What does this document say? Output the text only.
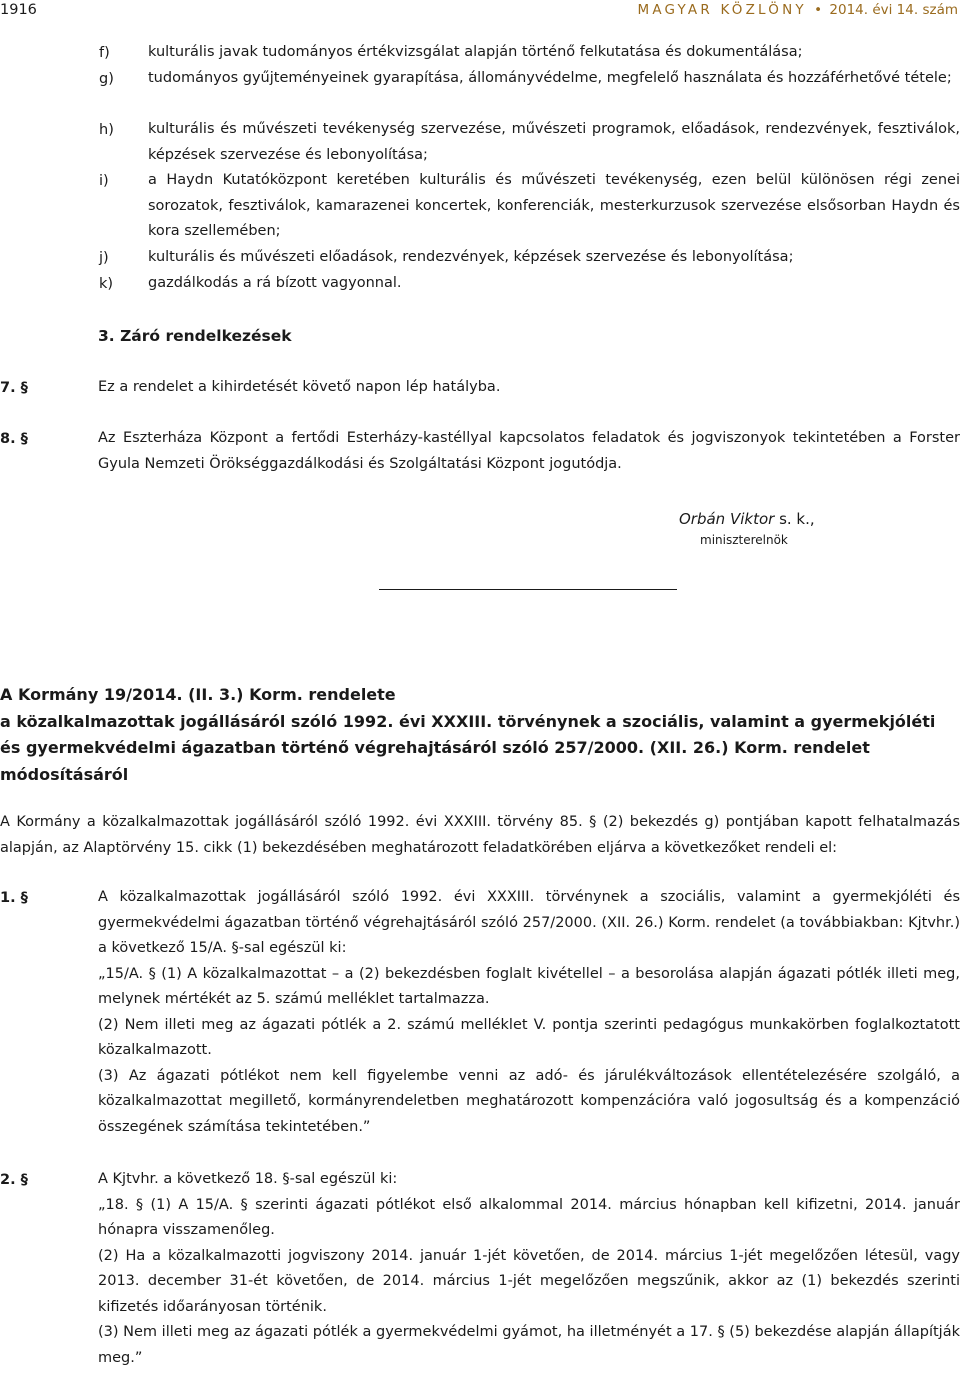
1916	MAGYAR KÖZLÖNY • 2014. évi 14. szám
f)	kulturális javak tudományos értékvizsgálat alapján történő felkutatása és dokumentálása;

g) tudományos gyűjteményeinek gyarapítása, állományvédelme, megfelelő használata és hozzáférhetővé tétele;

h) kulturális és művészeti tevékenység szervezése, művészeti programok, előadások, rendezvények, fesztiválok, képzések szervezése és lebonyolítása;

i)	a Haydn Kutatóközpont keretében kulturális és művészeti tevékenység, ezen belül különösen régi zenei sorozatok, fesztiválok, kamarazenei koncertek, konferenciák, mesterkurzusok szervezése elsősorban Haydn és kora szellemében;

j)	kulturális és művészeti előadások, rendezvények, képzések szervezése és lebonyolítása;

k) gazdálkodás a rá bízott vagyonnal.

3. Záró rendelkezések
7. §	Ez a rendelet a kihirdetését követő napon lép hatályba.

8. §	Az Eszterháza Központ a fertődi Esterházy-kastéllyal kapcsolatos feladatok és jogviszonyok tekintetében a Forster Gyula Nemzeti Örökséggazdálkodási és Szolgáltatási Központ jogutódja.

Orbán Viktor s. k.,
miniszterelnök
A Kormány 19/2014. (II. 3.) Korm. rendelete
a közalkalmazottak jogállásáról szóló 1992. évi XXXIII. törvénynek a szociális, valamint a gyermekjóléti
és gyermekvédelmi ágazatban történő végrehajtásáról szóló 257/2000. (XII. 26.) Korm. rendelet
módosításáról

A Kormány a közalkalmazottak jogállásáról szóló 1992. évi XXXIII. törvény 85. § (2) bekezdés g) pontjában kapott felhatalmazás alapján, az Alaptörvény 15. cikk (1) bekezdésében meghatározott feladatkörében eljárva a következőket rendeli el:

1. §	A közalkalmazottak jogállásáról szóló 1992. évi XXXIII. törvénynek a szociális, valamint a gyermekjóléti és gyermekvédelmi ágazatban történő végrehajtásáról szóló 257/2000. (XII. 26.) Korm. rendelet (a továbbiakban: Kjtvhr.) a következő 15/A. §-sal egészül ki:
„15/A. § (1) A közalkalmazottat – a (2) bekezdésben foglalt kivétellel – a besorolása alapján ágazati pótlék illeti meg, melynek mértékét az 5. számú melléklet tartalmazza.
(2) Nem illeti meg az ágazati pótlék a 2. számú melléklet V. pontja szerinti pedagógus munkakörben foglalkoztatott közalkalmazott.
(3) Az ágazati pótlékot nem kell figyelembe venni az adó- és járulékváltozások ellentételezésére szolgáló, a közalkalmazottat megillető, kormányrendeletben meghatározott kompenzációra való jogosultság és a kompenzáció összegének számítása tekintetében.”
2. §	A Kjtvhr. a következő 18. §-sal egészül ki:
„18. § (1) A 15/A. § szerinti ágazati pótlékot első alkalommal 2014. március hónapban kell kifizetni, 2014. január hónapra visszamenőleg.
(2) Ha a közalkalmazotti jogviszony 2014. január 1-jét követően, de 2014. március 1-jét megelőzően létesül, vagy 2013. december 31-ét követően, de 2014. március 1-jét megelőzően megszűnik, akkor az (1) bekezdés szerinti kifizetés időarányosan történik.
(3) Nem illeti meg az ágazati pótlék a gyermekvédelmi gyámot, ha illetményét a 17. § (5) bekezdése alapján állapítják meg.”
